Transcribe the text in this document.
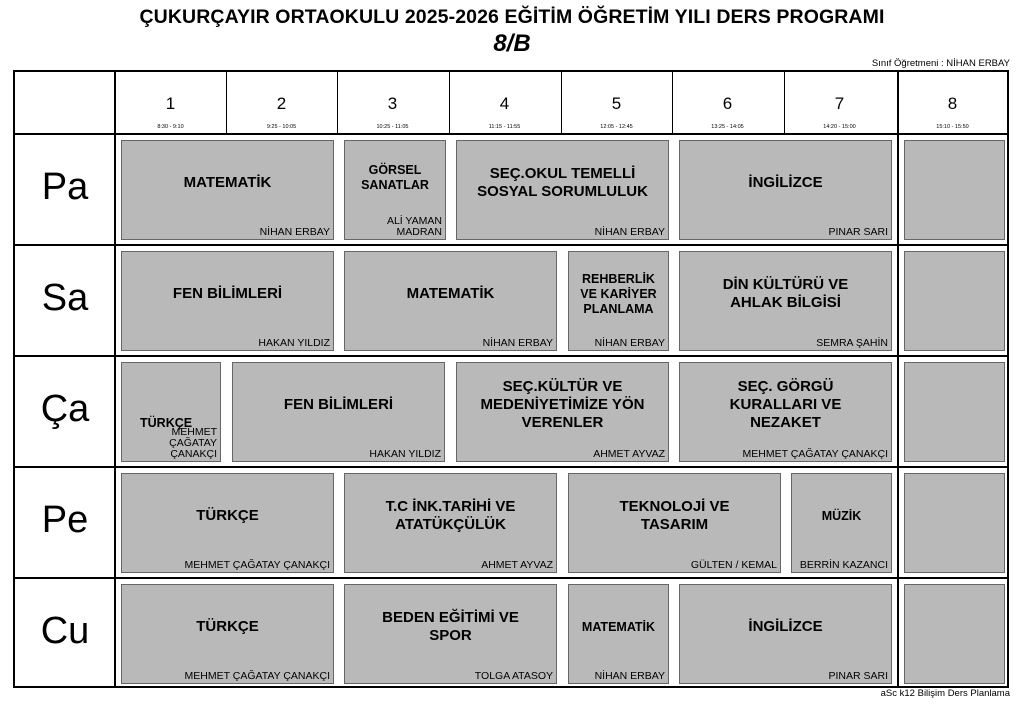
ÇUKURÇAYIR ORTAOKULU 2025-2026 EĞİTİM ÖĞRETİM YILI DERS PROGRAMI
8/B
Sınıf Öğretmeni : NİHAN ERBAY
1
8:30 - 9:10
2
9:25 - 10:05
3
10:25 - 11:05
4
11:15 - 11:55
5
12:05 - 12:45
6
13:25 - 14:05
7
14:20 - 15:00
8
15:10 - 15:50
Pa
Sa
Ça
Pe
Cu
MATEMATİK
NİHAN ERBAY
GÖRSEL SANATLAR
ALİ YAMAN MADRAN
SEÇ.OKUL TEMELLİ SOSYAL SORUMLULUK
NİHAN ERBAY
İNGİLİZCE
PINAR SARI
FEN BİLİMLERİ
HAKAN YILDIZ
MATEMATİK
NİHAN ERBAY
REHBERLİK VE KARİYER PLANLAMA
NİHAN ERBAY
DİN KÜLTÜRÜ VE AHLAK BİLGİSİ
SEMRA ŞAHİN
TÜRKÇE
MEHMET ÇAĞATAY ÇANAKÇI
FEN BİLİMLERİ
HAKAN YILDIZ
SEÇ.KÜLTÜR VE MEDENİYETİMİZE YÖN VERENLER
AHMET AYVAZ
SEÇ. GÖRGÜ KURALLARI VE NEZAKET
MEHMET ÇAĞATAY ÇANAKÇI
TÜRKÇE
MEHMET ÇAĞATAY ÇANAKÇI
T.C İNK.TARİHİ VE ATATÜKÇÜLÜK
AHMET AYVAZ
TEKNOLOJİ VE TASARIM
GÜLTEN / KEMAL
MÜZİK
BERRİN KAZANCI
TÜRKÇE
MEHMET ÇAĞATAY ÇANAKÇI
BEDEN EĞİTİMİ VE SPOR
TOLGA ATASOY
MATEMATİK
NİHAN ERBAY
İNGİLİZCE
PINAR SARI
aSc k12 Bilişim Ders Planlama
